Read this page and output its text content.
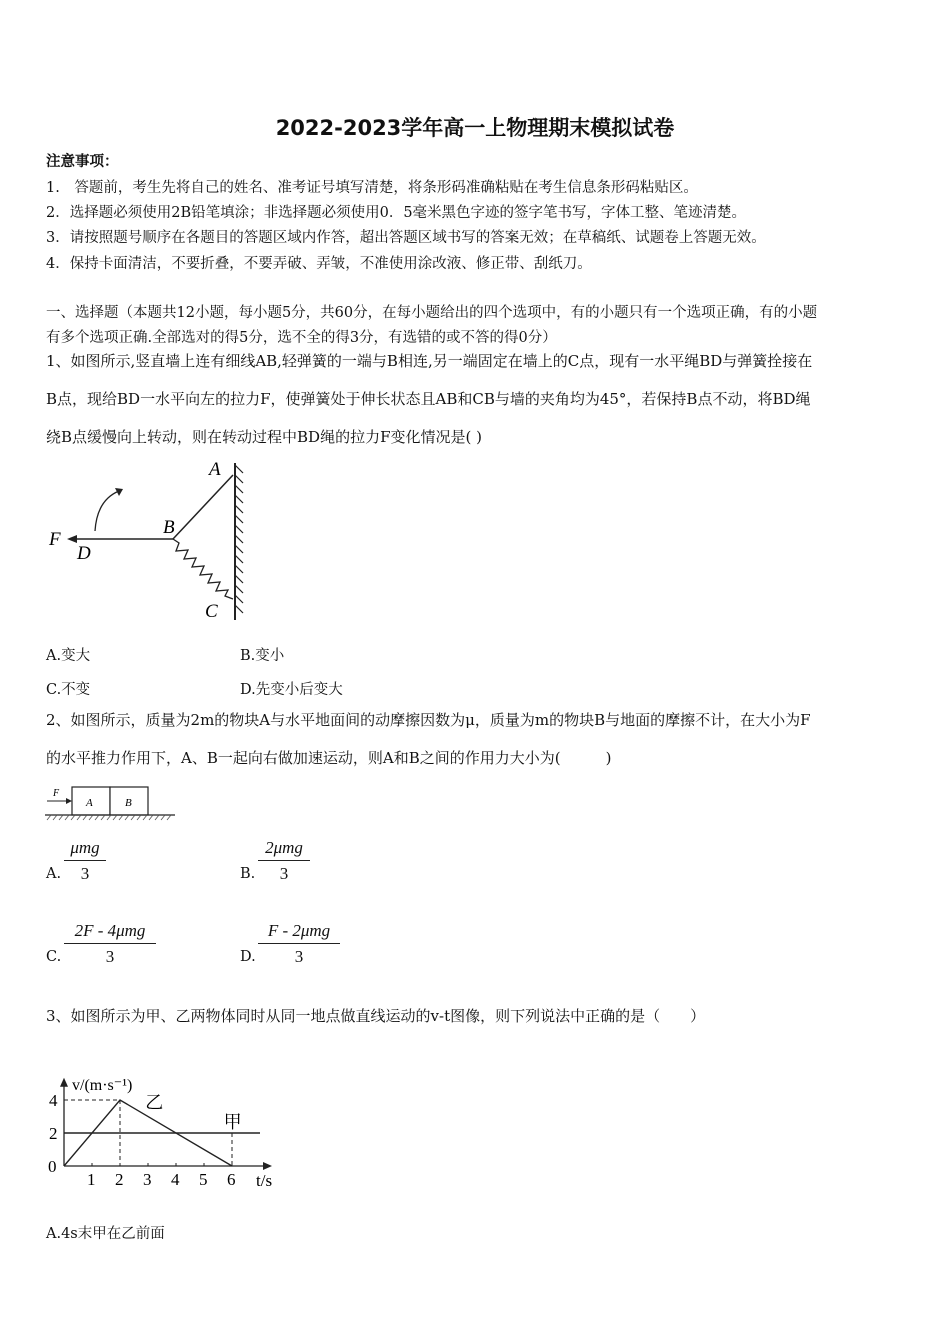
2022-2023学年高一上物理期末模拟试卷
注意事项：
1.　答题前，考生先将自己的姓名、准考证号填写清楚，将条形码准确粘贴在考生信息条形码粘贴区。
2．选择题必须使用2B铅笔填涂；非选择题必须使用0．5毫米黑色字迹的签字笔书写，字体工整、笔迹清楚。
3．请按照题号顺序在各题目的答题区域内作答，超出答题区域书写的答案无效；在草稿纸、试题卷上答题无效。
4．保持卡面清洁，不要折叠，不要弄破、弄皱，不准使用涂改液、修正带、刮纸刀。
一、选择题（本题共12小题，每小题5分，共60分，在每小题给出的四个选项中，有的小题只有一个选项正确，有的小题
有多个选项正确.全部选对的得5分，选不全的得3分，有选错的或不答的得0分）
1、如图所示,竖直墙上连有细线AB,轻弹簧的一端与B相连,另一端固定在墙上的C点，现有一水平绳BD与弹簧拴接在
B点，现给BD一水平向左的拉力F，使弹簧处于伸长状态且AB和CB与墙的夹角均为45°，若保持B点不动，将BD绳
绕B点缓慢向上转动，则在转动过程中BD绳的拉力F变化情况是( )
A
B
C
D
F
A.变大	B.变小
C.不变	D.先变小后变大
2、如图所示，质量为2m的物块A与水平地面间的动摩擦因数为μ，质量为m的物块B与地面的摩擦不计，在大小为F
的水平推力作用下，A、B一起向右做加速运动，则A和B之间的作用力大小为(　　　)
F
A	B
A.
μmg
3	B.
2μmg
3
C.
2F - 4μmg
3	D.
F - 2μmg
3
3、如图所示为甲、乙两物体同时从同一地点做直线运动的v-t图像，则下列说法中正确的是（　　）
1 2 3 4 5 6
2
4
0
v/(m·s⁻¹)
t/s
甲
乙
A.4s末甲在乙前面
